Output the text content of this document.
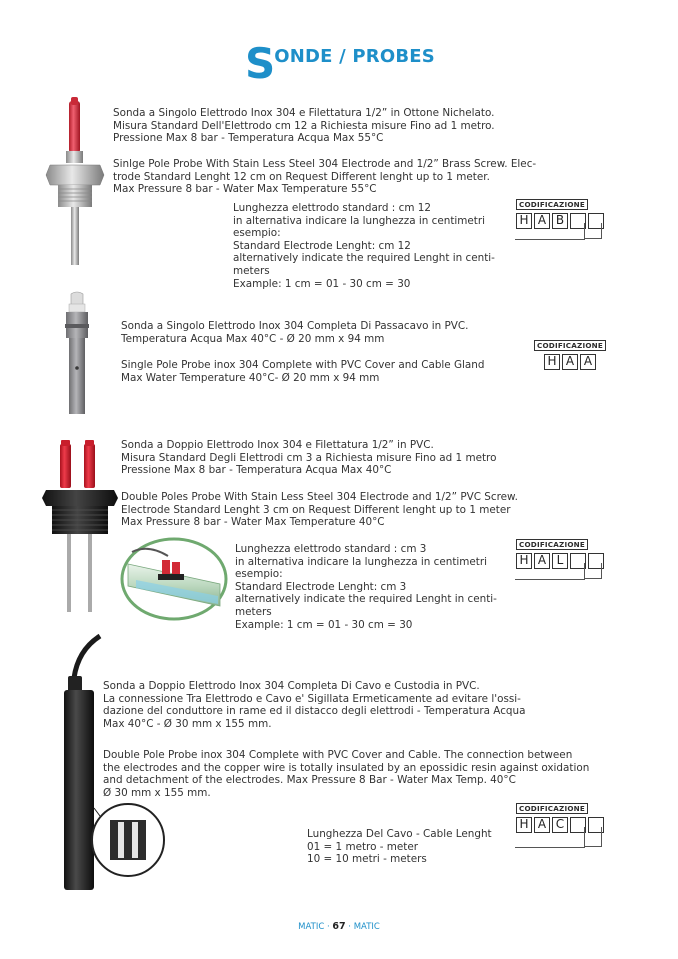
S ONDE / PROBES

Sonda a Singolo Elettrodo Inox 304 e Filettatura 1/2” in Ottone Nichelato.

Misura Standard Dell'Elettrodo cm 12 a Richiesta misure Fino ad 1 metro.

Pressione Max 8 bar - Temperatura Acqua Max 55°C

Sinlge Pole Probe With Stain Less Steel 304 Electrode and 1/2” Brass Screw. Elec-

trode Standard Lenght 12 cm on Request Different lenght up to 1 meter.

Max Pressure 8 bar - Water Max Temperature 55°C

Lunghezza elettrodo standard : cm 12

in alternativa indicare la lunghezza in centimetri

esempio:

Standard Electrode Lenght: cm 12

alternatively indicate the required Lenght in centi-

meters

Example: 1 cm = 01 - 30 cm = 30

CODIFICAZIONE
H A B

Sonda a Singolo Elettrodo Inox 304 Completa Di Passacavo in PVC.

Temperatura Acqua Max 40°C - Ø 20 mm x 94 mm

Single Pole Probe inox 304 Complete with PVC Cover and Cable Gland

Max Water Temperature 40°C- Ø 20 mm x 94 mm

CODIFICAZIONE
H A A

Sonda a Doppio Elettrodo Inox 304 e Filettatura 1/2” in PVC.

Misura Standard Degli Elettrodi cm 3 a Richiesta misure Fino ad 1 metro

Pressione Max 8 bar - Temperatura Acqua Max 40°C

Double Poles Probe With Stain Less Steel 304 Electrode and 1/2” PVC Screw.

Electrode Standard Lenght 3 cm on Request Different lenght up to 1 meter

Max Pressure 8 bar - Water Max Temperature 40°C

Lunghezza elettrodo standard : cm 3

in alternativa indicare la lunghezza in centimetri

esempio:

Standard Electrode Lenght: cm 3

alternatively indicate the required Lenght in centi-

meters

Example: 1 cm = 01 - 30 cm = 30

CODIFICAZIONE
H A L

Sonda a Doppio Elettrodo Inox 304 Completa Di Cavo e Custodia in PVC.

La connessione Tra Elettrodo e Cavo e' Sigillata Ermeticamente ad evitare l'ossi-

dazione del conduttore in rame ed il distacco degli elettrodi - Temperatura Acqua

Max 40°C - Ø 30 mm x 155 mm.

Double Pole Probe inox 304 Complete with PVC Cover and Cable. The connection between

the electrodes and the copper wire is totally insulated by an epossidic resin against oxidation

and detachment of the electrodes. Max Pressure 8 Bar - Water Max Temp. 40°C

Ø 30 mm x 155 mm.

Lunghezza Del Cavo - Cable Lenght

01 = 1 metro - meter

10 = 10 metri - meters

CODIFICAZIONE
H A C
MATIC · 67 · MATIC
